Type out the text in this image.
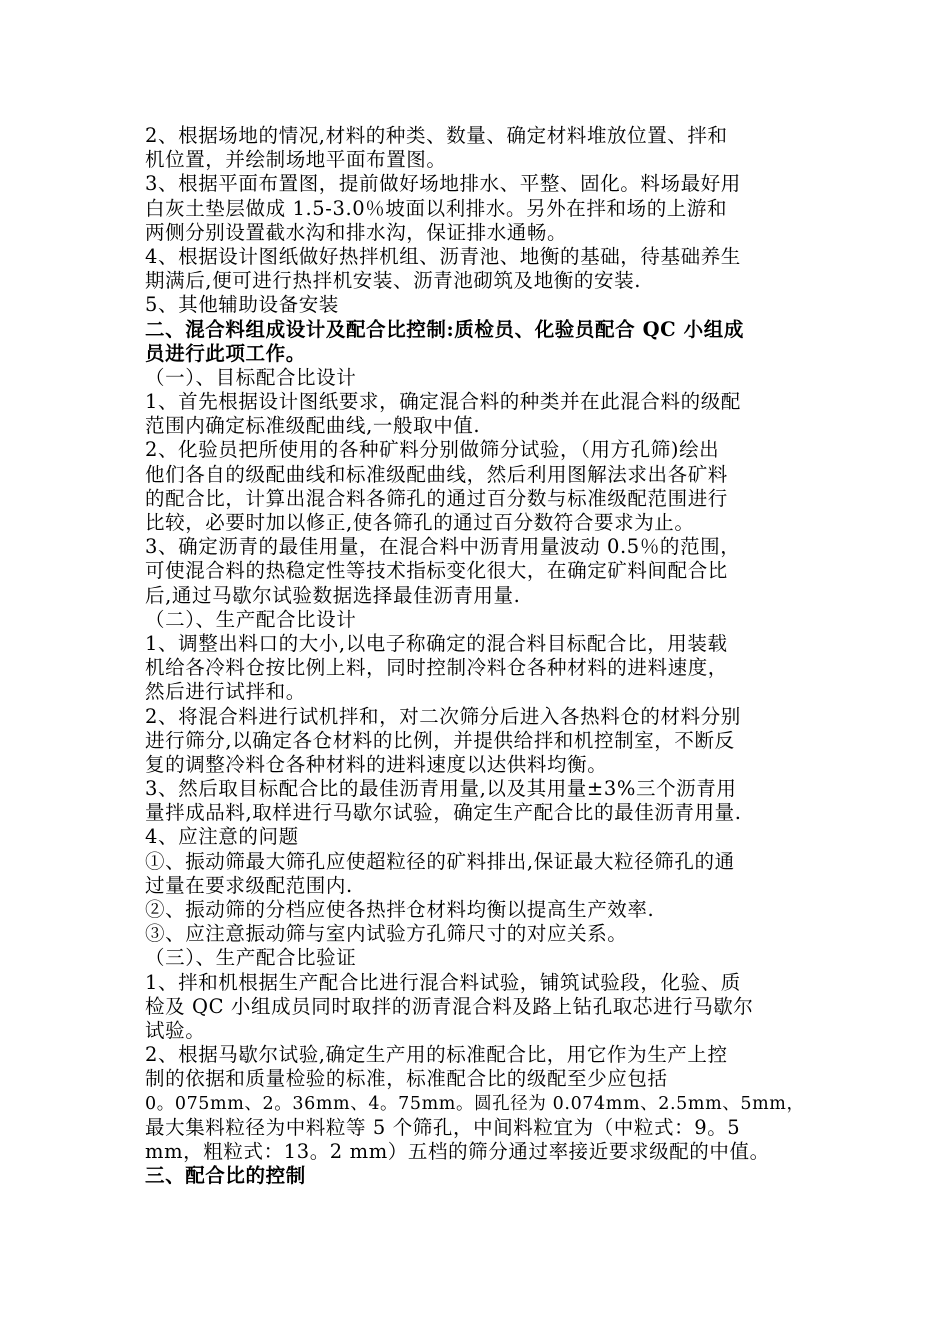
2、根据场地的情况,材料的种类、数量、确定材料堆放位置、拌和
机位置，并绘制场地平面布置图。
3、根据平面布置图，提前做好场地排水、平整、固化。料场最好用
白灰土垫层做成 1.5-3.0％坡面以利排水。另外在拌和场的上游和
两侧分别设置截水沟和排水沟，保证排水通畅。
4、根据设计图纸做好热拌机组、沥青池、地衡的基础，待基础养生
期满后,便可进行热拌机安装、沥青池砌筑及地衡的安装.
5、其他辅助设备安装
二、混合料组成设计及配合比控制:质检员、化验员配合 QC 小组成
员进行此项工作。
（一）、目标配合比设计
1、首先根据设计图纸要求，确定混合料的种类并在此混合料的级配
范围内确定标准级配曲线,一般取中值.
2、化验员把所使用的各种矿料分别做筛分试验，（用方孔筛)绘出
他们各自的级配曲线和标准级配曲线，然后利用图解法求出各矿料
的配合比，计算出混合料各筛孔的通过百分数与标准级配范围进行
比较，必要时加以修正,使各筛孔的通过百分数符合要求为止。
3、确定沥青的最佳用量，在混合料中沥青用量波动 0.5％的范围，
可使混合料的热稳定性等技术指标变化很大，在确定矿料间配合比
后,通过马歇尔试验数据选择最佳沥青用量.
（二）、生产配合比设计
1、调整出料口的大小,以电子称确定的混合料目标配合比，用装载
机给各冷料仓按比例上料，同时控制冷料仓各种材料的进料速度，
然后进行试拌和。
2、将混合料进行试机拌和，对二次筛分后进入各热料仓的材料分别
进行筛分,以确定各仓材料的比例，并提供给拌和机控制室，不断反
复的调整冷料仓各种材料的进料速度以达供料均衡。
3、然后取目标配合比的最佳沥青用量,以及其用量±3%三个沥青用
量拌成品料,取样进行马歇尔试验，确定生产配合比的最佳沥青用量.
4、应注意的问题
①、振动筛最大筛孔应使超粒径的矿料排出,保证最大粒径筛孔的通
过量在要求级配范围内.
②、振动筛的分档应使各热拌仓材料均衡以提高生产效率.
③、应注意振动筛与室内试验方孔筛尺寸的对应关系。
（三）、生产配合比验证
1、拌和机根据生产配合比进行混合料试验，铺筑试验段，化验、质
检及 QC 小组成员同时取拌的沥青混合料及路上钻孔取芯进行马歇尔
试验。
2、根据马歇尔试验,确定生产用的标准配合比，用它作为生产上控
制的依据和质量检验的标准，标准配合比的级配至少应包括
0。075mm、2。36mm、4。75mm。圆孔径为 0.074mm、2.5mm、5mm，
最大集料粒径为中料粒等 5 个筛孔，中间料粒宜为（中粒式：9。5
mm，粗粒式：13。2 mm）五档的筛分通过率接近要求级配的中值。
三、配合比的控制
